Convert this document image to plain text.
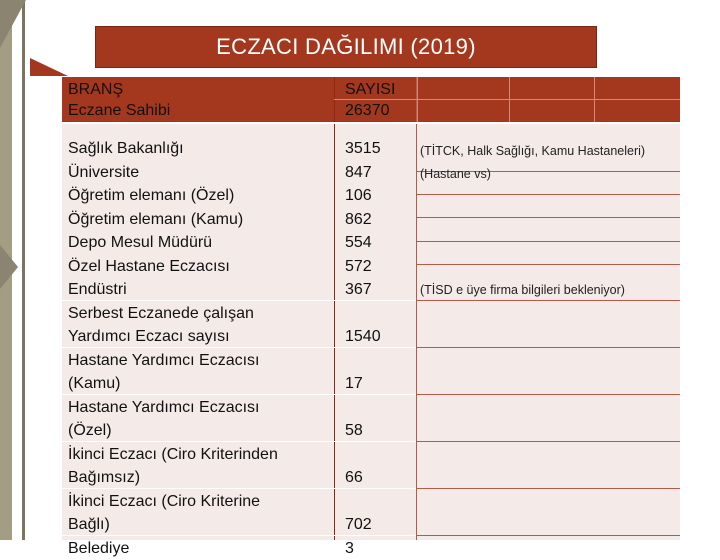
ECZACI DAĞILIMI (2019)
BRANŞ
Eczane Sahibi
SAYISI
26370
Sağlık Bakanlığı
Üniversite
Öğretim elemanı (Özel)
Öğretim elemanı (Kamu)
Depo Mesul Müdürü
Özel Hastane Eczacısı
Endüstri
Serbest Eczanede çalışan
Yardımcı Eczacı sayısı
Hastane Yardımcı Eczacısı
(Kamu)
Hastane Yardımcı Eczacısı
(Özel)
İkinci Eczacı (Ciro Kriterinden
Bağımsız)
İkinci Eczacı (Ciro Kriterine
Bağlı)
Belediye
3515
847
106
862
554
572
367
1540
17
58
66
702
3
(TİTCK, Halk Sağlığı, Kamu Hastaneleri)
(Hastane vs)
(TİSD e üye firma bilgileri bekleniyor)
